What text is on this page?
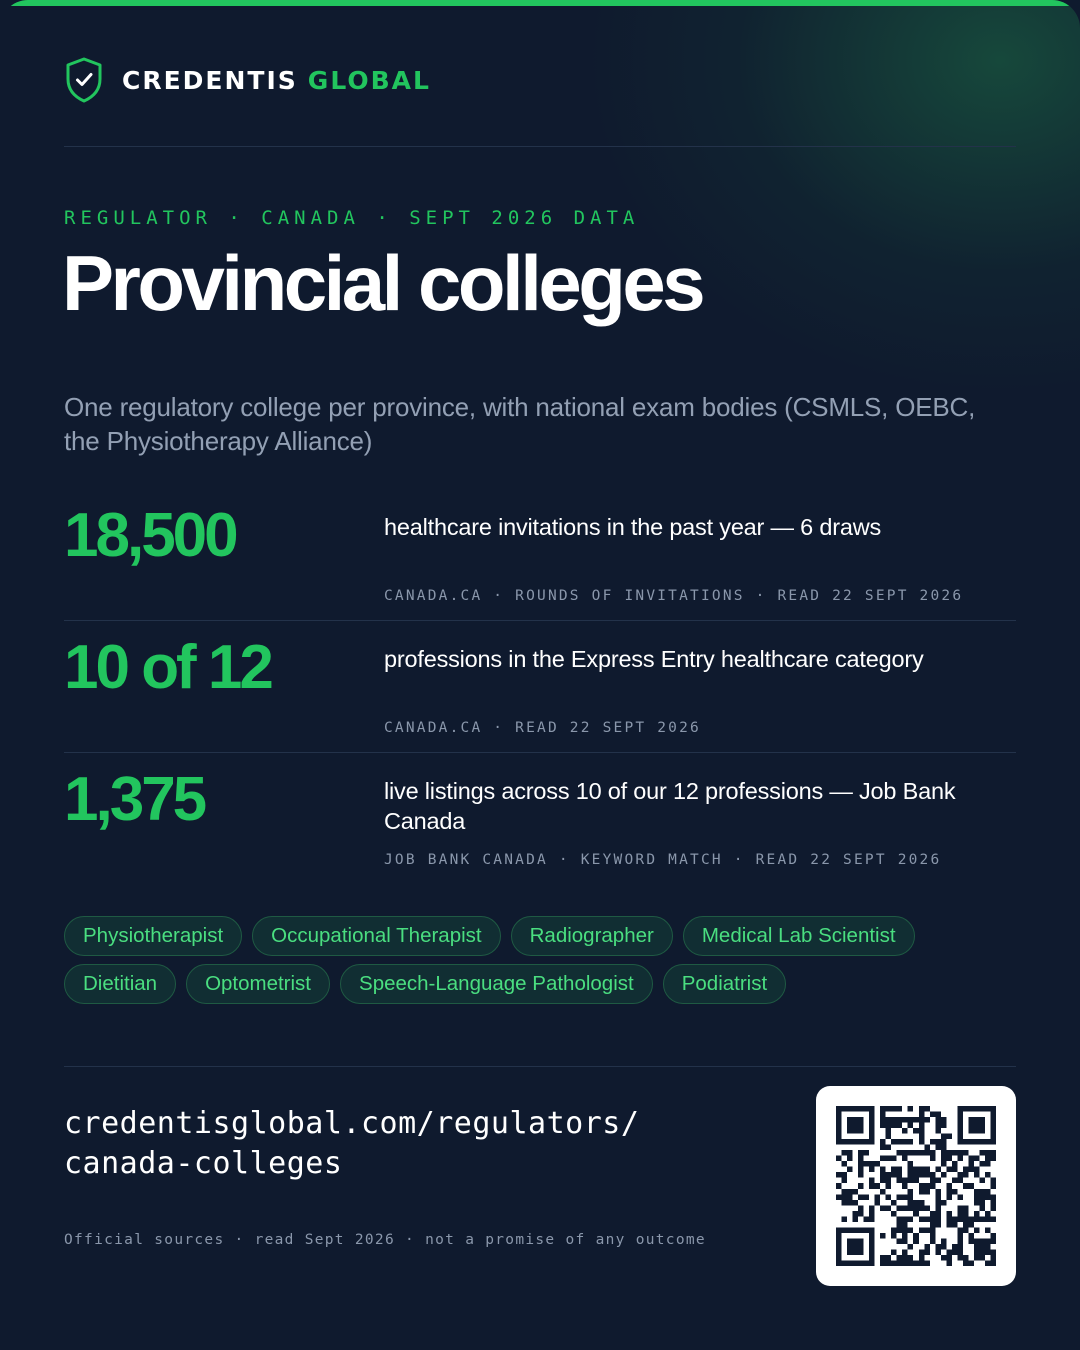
CREDENTIS GLOBAL
REGULATOR · CANADA · SEPT 2026 DATA
Provincial colleges
One regulatory college per province, with national exam bodies (CSMLS, OEBC, the Physiotherapy Alliance)
18,500	healthcare invitations in the past year — 6 draws
CANADA.CA · ROUNDS OF INVITATIONS · READ 22 SEPT 2026
10 of 12	professions in the Express Entry healthcare category
CANADA.CA · READ 22 SEPT 2026
1,375	live listings across 10 of our 12 professions — Job Bank Canada
JOB BANK CANADA · KEYWORD MATCH · READ 22 SEPT 2026
Physiotherapist	Occupational Therapist	Radiographer	Medical Lab Scientist
Dietitian	Optometrist	Speech-Language Pathologist	Podiatrist
credentisglobal.com/regulators/
canada-colleges
Official sources · read Sept 2026 · not a promise of any outcome
